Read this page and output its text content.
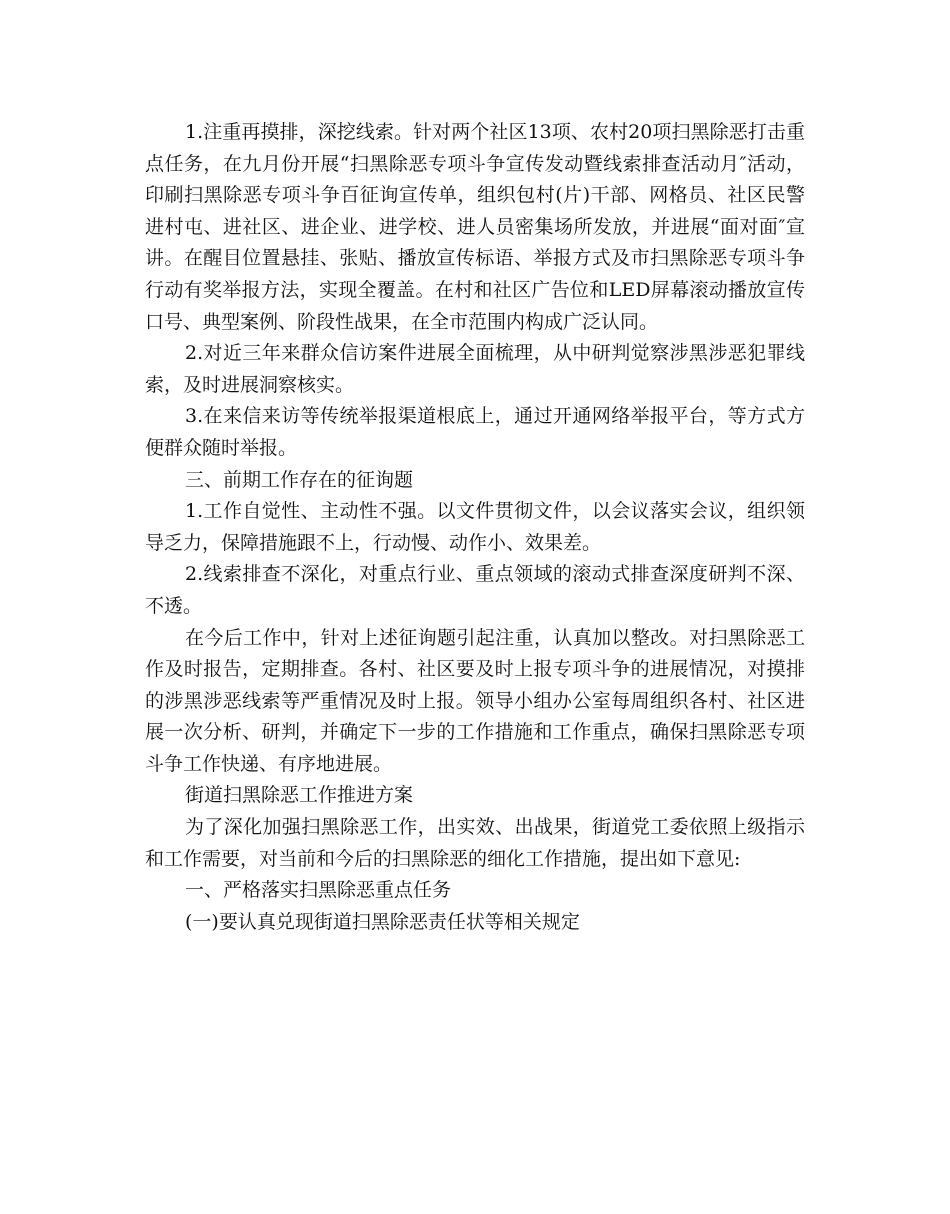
1.注重再摸排，深挖线索。针对两个社区13项、农村20项扫黑除恶打击重点任务，在九月份开展“扫黑除恶专项斗争宣传发动暨线索排查活动月″活动，印刷扫黑除恶专项斗争百征询宣传单，组织包村(片)干部、网格员、社区民警进村屯、进社区、进企业、进学校、进人员密集场所发放，并进展“面对面″宣讲。在醒目位置悬挂、张贴、播放宣传标语、举报方式及市扫黑除恶专项斗争行动有奖举报方法，实现全覆盖。在村和社区广告位和LED屏幕滚动播放宣传口号、典型案例、阶段性战果，在全市范围内构成广泛认同。

2.对近三年来群众信访案件进展全面梳理，从中研判觉察涉黑涉恶犯罪线索，及时进展洞察核实。

3.在来信来访等传统举报渠道根底上，通过开通网络举报平台，等方式方便群众随时举报。

三、前期工作存在的征询题

1.工作自觉性、主动性不强。以文件贯彻文件，以会议落实会议，组织领导乏力，保障措施跟不上，行动慢、动作小、效果差。

2.线索排查不深化，对重点行业、重点领域的滚动式排查深度研判不深、不透。

在今后工作中，针对上述征询题引起注重，认真加以整改。对扫黑除恶工作及时报告，定期排查。各村、社区要及时上报专项斗争的进展情况，对摸排的涉黑涉恶线索等严重情况及时上报。领导小组办公室每周组织各村、社区进展一次分析、研判，并确定下一步的工作措施和工作重点，确保扫黑除恶专项斗争工作快递、有序地进展。

街道扫黑除恶工作推进方案

为了深化加强扫黑除恶工作，出实效、出战果，街道党工委依照上级指示和工作需要，对当前和今后的扫黑除恶的细化工作措施，提出如下意见:

一、严格落实扫黑除恶重点任务

(一)要认真兑现街道扫黑除恶责任状等相关规定
